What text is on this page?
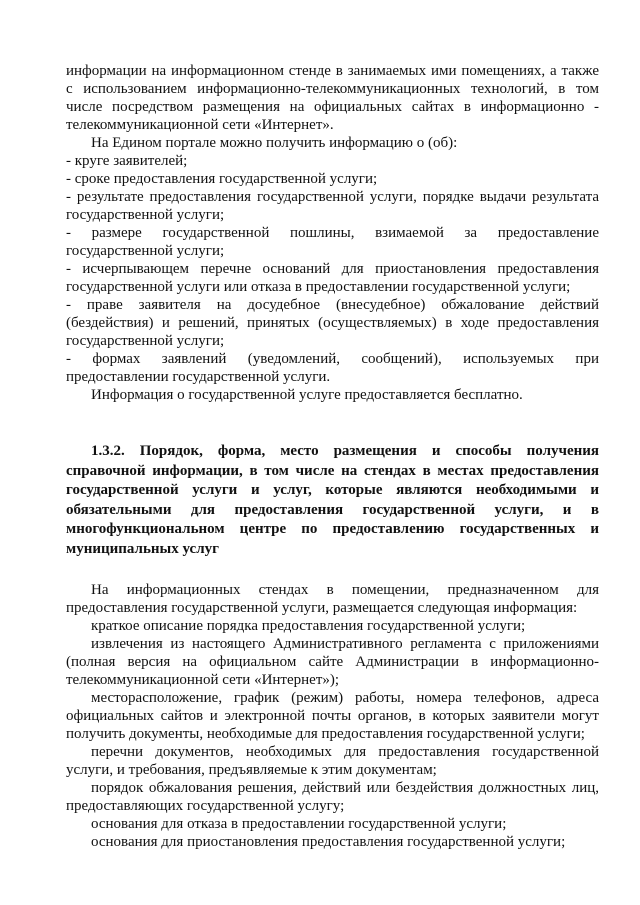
информации на информационном стенде в занимаемых ими помещениях, а также с использованием информационно-телекоммуникационных технологий, в том числе посредством размещения на официальных сайтах в информационно - телекоммуникационной сети «Интернет».

На Едином портале можно получить информацию о (об):

- круге заявителей;

- сроке предоставления государственной услуги;

- результате предоставления государственной услуги, порядке выдачи результата государственной услуги;

- размере государственной пошлины, взимаемой за предоставление государственной услуги;

- исчерпывающем перечне оснований для приостановления предоставления государственной услуги или отказа в предоставлении государственной услуги;

- праве заявителя на досудебное (внесудебное) обжалование действий (бездействия) и решений, принятых (осуществляемых) в ходе предоставления государственной услуги;

- формах заявлений (уведомлений, сообщений), используемых при предоставлении государственной услуги.

Информация о государственной услуге предоставляется бесплатно.

1.3.2. Порядок, форма, место размещения и способы получения справочной информации, в том числе на стендах в местах предоставления государственной услуги и услуг, которые являются необходимыми и обязательными для предоставления государственной услуги, и в многофункциональном центре по предоставлению государственных и муниципальных услуг

На информационных стендах в помещении, предназначенном для предоставления государственной услуги, размещается следующая информация:

краткое описание порядка предоставления государственной услуги;

извлечения из настоящего Административного регламента с приложениями (полная версия на официальном сайте Администрации в информационно-телекоммуникационной сети «Интернет»);

месторасположение, график (режим) работы, номера телефонов, адреса официальных сайтов и электронной почты органов, в которых заявители могут получить документы, необходимые для предоставления государственной услуги;

перечни документов, необходимых для предоставления государственной услуги, и требования, предъявляемые к этим документам;

порядок обжалования решения, действий или бездействия должностных лиц, предоставляющих государственной услугу;

основания для отказа в предоставлении государственной услуги;

основания для приостановления предоставления государственной услуги;
